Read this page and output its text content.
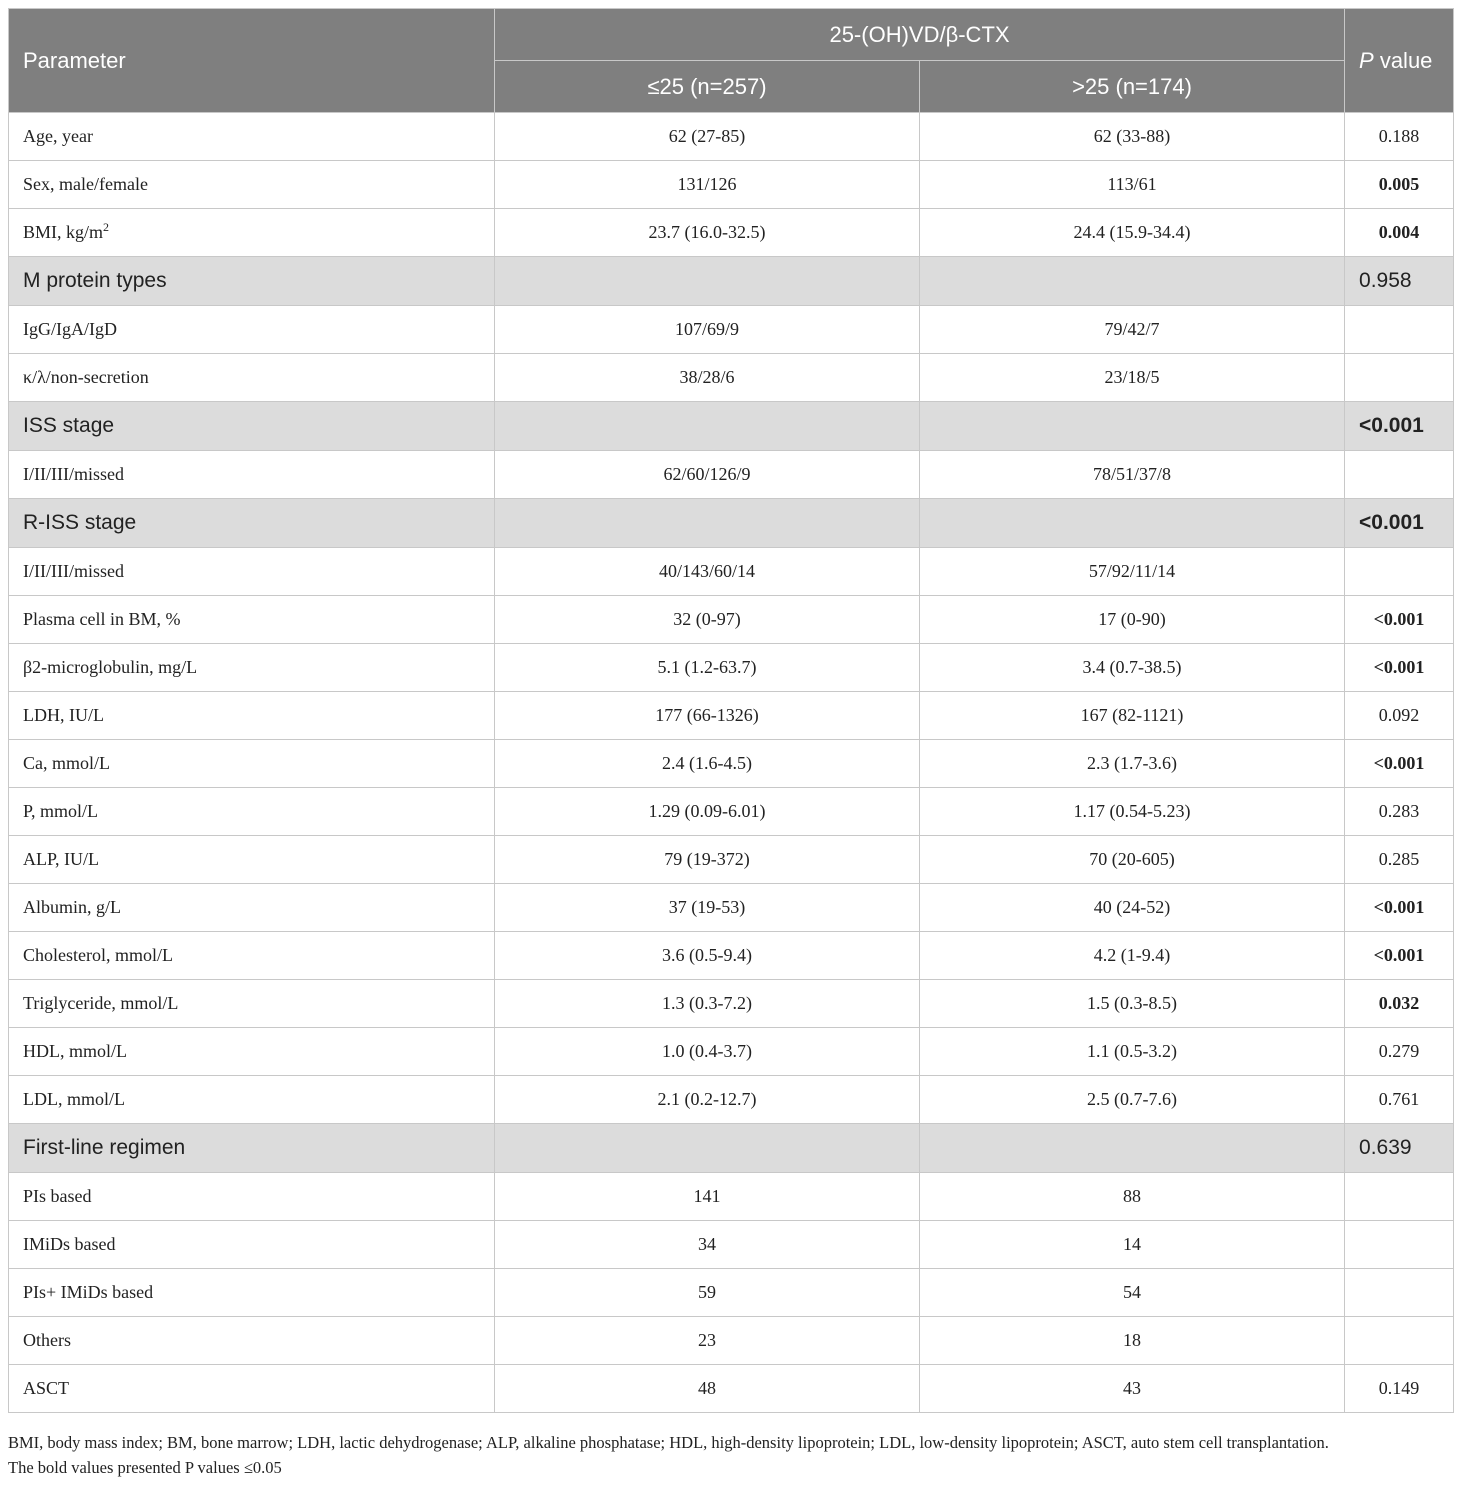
Parameter	25-(OH)VD/β-CTX		P value
	≤25 (n=257)	>25 (n=174)	
Age, year	62 (27-85)	62 (33-88)	0.188
Sex, male/female	131/126	113/61	0.005
BMI, $kg/m^2$	23.7 (16.0-32.5)	24.4 (15.9-34.4)	0.004
M protein types			0.958
IgG/IgA/IgD	107/69/9	79/42/7	
κ/λ/non-secretion	38/28/6	23/18/5	
ISS stage			<0.001
I/II/III/missed	62/60/126/9	78/51/37/8	
R-ISS stage			<0.001
I/II/III/missed	40/143/60/14	57/92/11/14	
Plasma cell in BM, %	32 (0-97)	17 (0-90)	<0.001
β2-microglobulin, mg/L	5.1 (1.2-63.7)	3.4 (0.7-38.5)	<0.001
LDH, IU/L	177 (66-1326)	167 (82-1121)	0.092
Ca, mmol/L	2.4 (1.6-4.5)	2.3 (1.7-3.6)	<0.001
P, mmol/L	1.29 (0.09-6.01)	1.17 (0.54-5.23)	0.283
ALP, IU/L	79 (19-372)	70 (20-605)	0.285
Albumin, g/L	37 (19-53)	40 (24-52)	<0.001
Cholesterol, mmol/L	3.6 (0.5-9.4)	4.2 (1-9.4)	<0.001
Triglyceride, mmol/L	1.3 (0.3-7.2)	1.5 (0.3-8.5)	0.032
HDL, mmol/L	1.0 (0.4-3.7)	1.1 (0.5-3.2)	0.279
LDL, mmol/L	2.1 (0.2-12.7)	2.5 (0.7-7.6)	0.761
First-line regimen			0.639
PIs based	141	88	
IMiDs based	34	14	
PIs+ IMiDs based	59	54	
Others	23	18	
ASCT	48	43	0.149

BMI, body mass index; BM, bone marrow; LDH, lactic dehydrogenase; ALP, alkaline phosphatase; HDL, high-density lipoprotein; LDL, low-density lipoprotein; ASCT, auto stem cell transplantation.

The bold values presented P values ≤0.05
